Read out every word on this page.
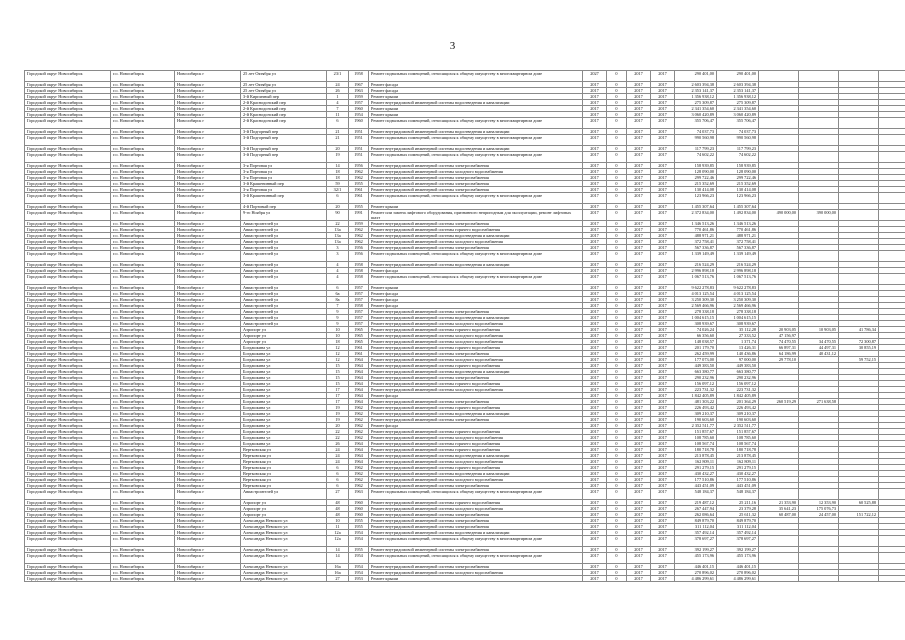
3
Городской округ Новосибирск	г.о. Новосибирск	Новосибирск г	25 лет Октября ул	23/1	1958	Ремонт подвальных помещений, относящихся к общему имуществу в многоквартирном доме	2027	0	2017	2017	290 401,00	290 401,00				
Городской округ Новосибирск	г.о. Новосибирск	Новосибирск г	25 лет Октября ул	24	1967	Ремонт фасада	2017	0	2017	2017	2 603 394,38	2 603 394,38				
Городской округ Новосибирск	г.о. Новосибирск	Новосибирск г	25 лет Октября ул	26	1963	Ремонт фасада	2017	0	2017	2017	2 353 141,37	2 353 141,37				
Городской округ Новосибирск	г.о. Новосибирск	Новосибирск г	3-й Кирпичный пер	1	1959	Ремонт крыши	2017	0	2017	2017	1 356 938,12	1 356 938,12				
Городской округ Новосибирск	г.о. Новосибирск	Новосибирск г	2-й Краснодонский пер	4	1957	Ремонт внутридомовой инженерной системы водоотведения и канализации	2017	0	2017	2017	275 309,87	275 309,87				
Городской округ Новосибирск	г.о. Новосибирск	Новосибирск г	2-й Краснодонский пер	7	1960	Ремонт крыши	2017	0	2017	2017	2 341 354,60	2 341 354,60				
Городской округ Новосибирск	г.о. Новосибирск	Новосибирск г	2-й Краснодонский пер	11	1954	Ремонт крыши	2017	0	2017	2017	3 060 420,89	3 060 420,89				
Городской округ Новосибирск	г.о. Новосибирск	Новосибирск г	2-й Краснодонский пер	6	1960	Ремонт подвальных помещений, относящихся к общему имуществу в многоквартирном доме	2017	0	2017	2017	355 706,47	355 706,47				
Городской округ Новосибирск	г.о. Новосибирск	Новосибирск г	3-й Подгорный пер	21	1951	Ремонт внутридомовой инженерной системы водоотведения и канализации	2017	0	2017	2017	74 037,73	74 037,73				
Городской округ Новосибирск	г.о. Новосибирск	Новосибирск г	3-й Подгорный пер	21	1951	Ремонт подвальных помещений, относящихся к общему имуществу в многоквартирном доме	2017	0	2017	2017	990 560,98	990 560,98				
Городской округ Новосибирск	г.о. Новосибирск	Новосибирск г	3-й Подгорный пер	20	1951	Ремонт внутридомовой инженерной системы водоотведения и канализации	2017	0	2017	2017	117 799,23	117 799,23				
Городской округ Новосибирск	г.о. Новосибирск	Новосибирск г	3-й Подгорный пер	19	1951	Ремонт подвальных помещений, относящихся к общему имуществу в многоквартирном доме	2017	0	2017	2017	74 602,22	74 602,22				
Городской округ Новосибирск	г.о. Новосибирск	Новосибирск г	3-я Портовая ул	14	1956	Ремонт внутридомовой инженерной системы электроснабжения	2017	0	2017	2017	158 939,85	158 939,85				
Городской округ Новосибирск	г.о. Новосибирск	Новосибирск г	3-я Портовая ул	18	1962	Ремонт внутридомовой инженерной системы холодного водоснабжения	2017	0	2017	2017	128 090,00	128 090,00				
Городской округ Новосибирск	г.о. Новосибирск	Новосибирск г	3-я Портовая ул	18	1962	Ремонт внутридомовой инженерной системы электроснабжения	2017	0	2017	2017	299 722,46	299 722,46				
Городской округ Новосибирск	г.о. Новосибирск	Новосибирск г	3-й Крашенинный пер	59	1955	Ремонт внутридомовой инженерной системы электроснабжения	2017	0	2017	2017	215 352,69	215 352,69				
Городской округ Новосибирск	г.о. Новосибирск	Новосибирск г	3-я Портовая ул	32/1	1961	Ремонт внутридомовой инженерной системы электроснабжения	2017	0	2017	2017	130 414,08	130 414,08				
Городской округ Новосибирск	г.о. Новосибирск	Новосибирск г	3-й Крашенинный пер	6	1961	Ремонт подвальных помещений, относящихся к общему имуществу в многоквартирном доме	2017	0	2017	2017	123 966,23	123 966,23				
Городской округ Новосибирск	г.о. Новосибирск	Новосибирск г	4-й Портовый пер	20	1955	Ремонт крыши	2017	0	2017	2017	1 455 307,64	1 455 307,64				
Городской округ Новосибирск	г.о. Новосибирск	Новосибирск г	9-го Ноября ул	90	1991	Ремонт или замена лифтового оборудования, признанного непригодным для эксплуатации, ремонт лифтовых шахт	2017	0	2017	2017	2 372 834,00	1 492 834,00	490 000,00	390 000,00		
Городской округ Новосибирск	г.о. Новосибирск	Новосибирск г	Авиастроителей ул	22	1959	Ремонт внутридомовой инженерной системы электроснабжения	2017	0	2017	2017	1 346 513,26	1 346 513,26				
Городской округ Новосибирск	г.о. Новосибирск	Новосибирск г	Авиастроителей ул	13а	1962	Ремонт внутридомовой инженерной системы горячего водоснабжения	2017	0	2017	2017	770 461,86	770 461,86				
Городской округ Новосибирск	г.о. Новосибирск	Новосибирск г	Авиастроителей ул	13а	1962	Ремонт внутридомовой инженерной системы водоотведения и канализации	2017	0	2017	2017	488 971,21	488 971,21				
Городской округ Новосибирск	г.о. Новосибирск	Новосибирск г	Авиастроителей ул	13а	1962	Ремонт внутридомовой инженерной системы холодного водоснабжения	2017	0	2017	2017	372 758,41	372 758,41				
Городской округ Новосибирск	г.о. Новосибирск	Новосибирск г	Авиастроителей ул	3	1956	Ремонт внутридомовой инженерной системы электроснабжения	2017	0	2017	2017	567 336,87	567 336,87				
Городской округ Новосибирск	г.о. Новосибирск	Новосибирск г	Авиастроителей ул	3	1956	Ремонт подвальных помещений, относящихся к общему имуществу в многоквартирном доме	2017	0	2017	2017	1 339 149,49	1 339 149,49				
Городской округ Новосибирск	г.о. Новосибирск	Новосибирск г	Авиастроителей ул	4	1958	Ремонт внутридомовой инженерной системы водоотведения и канализации	2017	0	2017	2017	216 524,29	216 524,29				
Городской округ Новосибирск	г.о. Новосибирск	Новосибирск г	Авиастроителей ул	4	1958	Ремонт фасада	2017	0	2017	2017	2 996 898,18	2 996 898,18				
Городской округ Новосибирск	г.о. Новосибирск	Новосибирск г	Авиастроителей ул	4	1958	Ремонт подвальных помещений, относящихся к общему имуществу в многоквартирном доме	2017	0	2017	2017	1 067 513,76	1 067 513,76				
Городской округ Новосибирск	г.о. Новосибирск	Новосибирск г	Авиастроителей ул	6	1957	Ремонт крыши	2017	0	2017	2017	9 622 278,83	9 622 278,83				
Городской округ Новосибирск	г.о. Новосибирск	Новосибирск г	Авиастроителей ул	6а	1957	Ремонт фасада	2017	0	2017	2017	4 013 125,54	4 013 125,54				
Городской округ Новосибирск	г.о. Новосибирск	Новосибирск г	Авиастроителей ул	8а	1957	Ремонт фасада	2017	0	2017	2017	3 250 309,30	3 250 309,30				
Городской округ Новосибирск	г.о. Новосибирск	Новосибирск г	Авиастроителей ул	7	1958	Ремонт фасада	2017	0	2017	2017	2 569 466,96	2 569 466,96				
Городской округ Новосибирск	г.о. Новосибирск	Новосибирск г	Авиастроителей ул	9	1957	Ремонт внутридомовой инженерной системы электроснабжения	2017	0	2017	2017	278 338,18	278 338,18				
Городской округ Новосибирск	г.о. Новосибирск	Новосибирск г	Авиастроителей ул	9	1957	Ремонт внутридомовой инженерной системы водоотведения и канализации	2017	0	2017	2017	1 004 615,15	1 004 615,15				
Городской округ Новосибирск	г.о. Новосибирск	Новосибирск г	Авиастроителей ул	9	1957	Ремонт внутридомовой инженерной системы холодного водоснабжения	2017	0	2017	2017	308 939,67	308 939,67				
Городской округ Новосибирск	г.о. Новосибирск	Новосибирск г	Аэропорт ул	10	1965	Ремонт внутридомовой инженерной системы горячего водоснабжения	2017	0	2017	2017	74 026,24	35 112,28	20 903,05	10 903,05	41 786,34	
Городской округ Новосибирск	г.о. Новосибирск	Новосибирск г	Аэропорт ул	10	1965	Ремонт внутридомовой инженерной системы холодного водоснабжения	2017	0	2017	2017	66 356,60	27 333,52	47 156,97			
Городской округ Новосибирск	г.о. Новосибирск	Новосибирск г	Аэропорт ул	18	1965	Ремонт внутридомовой инженерной системы холодного водоснабжения	2017	0	2017	2017	148 038,57	1 371,74	74 470,55	34 470,55	72 300,87	
Городской округ Новосибирск	г.о. Новосибирск	Новосибирск г	Богдашкина ул	12	1961	Ремонт внутридомовой инженерной системы горячего водоснабжения	2017	0	2017	2017	201 179,70	13 426,31	66 897,31	44 497,31	30 855,19	
Городской округ Новосибирск	г.о. Новосибирск	Новосибирск г	Богдашкина ул	12	1961	Ремонт внутридомовой инженерной системы электроснабжения	2017	0	2017	2017	262 459,99	140 436,86	64 186,99	40 431,12		
Городской округ Новосибирск	г.о. Новосибирск	Новосибирск г	Богдашкина ул	12	1964	Ремонт внутридомовой инженерной системы холодного водоснабжения	2017	0	2017	2017	177 073,00	97 000,00	29 778,10		59 752,15	
Городской округ Новосибирск	г.о. Новосибирск	Новосибирск г	Богдашкина ул	15	1964	Ремонт внутридомовой инженерной системы горячего водоснабжения	2017	0	2017	2017	449 383,50	449 383,50				
Городской округ Новосибирск	г.о. Новосибирск	Новосибирск г	Богдашкина ул	15	1964	Ремонт внутридомовой инженерной системы водоотведения и канализации	2017	0	2017	2017	663 380,77	663 380,77				
Городской округ Новосибирск	г.о. Новосибирск	Новосибирск г	Богдашкина ул	15	1964	Ремонт внутридомовой инженерной системы электроснабжения	2017	0	2017	2017	290 232,96	290 232,96				
Городской округ Новосибирск	г.о. Новосибирск	Новосибирск г	Богдашкина ул	15	1964	Ремонт внутридомовой инженерной системы горячего водоснабжения	2017	0	2017	2017	156 097,12	156 097,12				
Городской округ Новосибирск	г.о. Новосибирск	Новосибирск г	Богдашкина ул	17	1964	Ремонт внутридомовой инженерной системы холодного водоснабжения	2017	0	2017	2017	223 731,32	223 731,32				
Городской округ Новосибирск	г.о. Новосибирск	Новосибирск г	Богдашкина ул	17	1964	Ремонт фасада	2017	0	2017	2017	1 842 405,89	1 842 405,89				
Городской округ Новосибирск	г.о. Новосибирск	Новосибирск г	Богдашкина ул	17	1964	Ремонт внутридомовой инженерной системы электроснабжения	2017	0	2017	2017	481 303,22	201 364,29	260 519,29	271 638,58		
Городской округ Новосибирск	г.о. Новосибирск	Новосибирск г	Богдашкина ул	19	1962	Ремонт внутридомовой инженерной системы горячего водоснабжения	2017	0	2017	2017	226 493,42	226 493,42				
Городской округ Новосибирск	г.о. Новосибирск	Новосибирск г	Богдашкина ул	19	1962	Ремонт внутридомовой инженерной системы водоотведения и канализации	2017	0	2017	2017	309 210,37	309 210,37				
Городской округ Новосибирск	г.о. Новосибирск	Новосибирск г	Богдашкина ул	19	1962	Ремонт внутридомовой инженерной системы электроснабжения	2017	0	2017	2017	190 603,60	190 603,60				
Городской округ Новосибирск	г.о. Новосибирск	Новосибирск г	Богдашкина ул	20	1962	Ремонт фасада	2017	0	2017	2017	2 352 511,77	2 352 511,77				
Городской округ Новосибирск	г.о. Новосибирск	Новосибирск г	Богдашкина ул	22	1962	Ремонт внутридомовой инженерной системы горячего водоснабжения	2017	0	2017	2017	151 857,67	151 857,67				
Городской округ Новосибирск	г.о. Новосибирск	Новосибирск г	Богдашкина ул	22	1962	Ремонт внутридомовой инженерной системы холодного водоснабжения	2017	0	2017	2017	108 785,60	108 785,60				
Городской округ Новосибирск	г.о. Новосибирск	Новосибирск г	Богдашкина ул	26	1964	Ремонт внутридомовой инженерной системы горячего водоснабжения	2017	0	2017	2017	108 567,74	108 567,74				
Городской округ Новосибирск	г.о. Новосибирск	Новосибирск г	Вертковская ул	24	1964	Ремонт внутридомовой инженерной системы горячего водоснабжения	2017	0	2017	2017	180 718,78	180 718,78				
Городской округ Новосибирск	г.о. Новосибирск	Новосибирск г	Вертковская ул	24	1964	Ремонт внутридомовой инженерной системы водоотведения и канализации	2017	0	2017	2017	213 878,45	213 878,45				
Городской округ Новосибирск	г.о. Новосибирск	Новосибирск г	Вертковская ул	24	1964	Ремонт внутридомовой инженерной системы холодного водоснабжения	2017	0	2017	2017	162 809,11	162 809,11				
Городской округ Новосибирск	г.о. Новосибирск	Новосибирск г	Вертковская ул	6	1962	Ремонт внутридомовой инженерной системы горячего водоснабжения	2017	0	2017	2017	291 279,15	291 279,15				
Городской округ Новосибирск	г.о. Новосибирск	Новосибирск г	Вертковская ул	6	1962	Ремонт внутридомовой инженерной системы водоотведения и канализации	2017	0	2017	2017	430 432,27	430 432,27				
Городской округ Новосибирск	г.о. Новосибирск	Новосибирск г	Вертковская ул	6	1962	Ремонт внутридомовой инженерной системы холодного водоснабжения	2017	0	2017	2017	177 510,86	177 510,86				
Городской округ Новосибирск	г.о. Новосибирск	Новосибирск г	Вертковская ул	6	1962	Ремонт внутридомовой инженерной системы электроснабжения	2017	0	2017	2017	443 451,09	443 451,09				
Городской округ Новосибирск	г.о. Новосибирск	Новосибирск г	Авиастроителей ул	27	1963	Ремонт подвальных помещений, относящихся к общему имуществу в многоквартирном доме	2017	0	2017	2017	548 184,37	548 184,37				
Городской округ Новосибирск	г.о. Новосибирск	Новосибирск г	Аэропорт ул	48	1960	Ремонт внутридомовой инженерной системы горячего водоснабжения	2017	0	2017	2017	219 487,12	25 211,16	21 353,90	12 353,90	60 525,88	
Городской округ Новосибирск	г.о. Новосибирск	Новосибирск г	Аэропорт ул	48	1960	Ремонт внутридомовой инженерной системы холодного водоснабжения	2017	0	2017	2017	267 447,94	23 379,28	35 641,23	175 076,73		
Городской округ Новосибирск	г.о. Новосибирск	Новосибирск г	Аэропорт ул	48	1960	Ремонт внутридомовой инженерной системы электроснабжения	2017	0	2017	2017	262 086,64	25 611,32	60 487,00	24 457,00	151 722,12	
Городской округ Новосибирск	г.о. Новосибирск	Новосибирск г	Александра Невского ул	10	1955	Ремонт внутридомовой инженерной системы электроснабжения	2017	0	2017	2017	849 879,70	849 879,70				
Городской округ Новосибирск	г.о. Новосибирск	Новосибирск г	Александра Невского ул	11	1955	Ремонт внутридомовой инженерной системы электроснабжения	2017	0	2017	2017	311 112,04	311 112,04				
Городской округ Новосибирск	г.о. Новосибирск	Новосибирск г	Александра Невского ул	12а	1954	Ремонт внутридомовой инженерной системы водоотведения и канализации	2017	0	2017	2017	357 492,14	357 492,14				
Городской округ Новосибирск	г.о. Новосибирск	Новосибирск г	Александра Невского ул	12а	1954	Ремонт подвальных помещений, относящихся к общему имуществу в многоквартирном доме	2017	0	2017	2017	378 697,27	378 697,27				
Городской округ Новосибирск	г.о. Новосибирск	Новосибирск г	Александра Невского ул	14	1955	Ремонт внутридомовой инженерной системы электроснабжения	2017	0	2017	2017	392 199,27	392 199,27				
Городской округ Новосибирск	г.о. Новосибирск	Новосибирск г	Александра Невского ул	14	1954	Ремонт подвальных помещений, относящихся к общему имуществу в многоквартирном доме	2017	0	2017	2017	455 173,96	455 173,96				
Городской округ Новосибирск	г.о. Новосибирск	Новосибирск г	Александра Невского ул	16а	1954	Ремонт внутридомовой инженерной системы электроснабжения	2017	0	2017	2017	446 401,15	446 401,15				
Городской округ Новосибирск	г.о. Новосибирск	Новосибирск г	Александра Невского ул	16а	1954	Ремонт внутридомовой инженерной системы холодного водоснабжения	2017	0	2017	2017	270 896,02	270 896,02				
Городской округ Новосибирск	г.о. Новосибирск	Новосибирск г	Александра Невского ул	27	1953	Ремонт крыши	2017	0	2017	2017	4 486 299,61	4 486 299,61				
